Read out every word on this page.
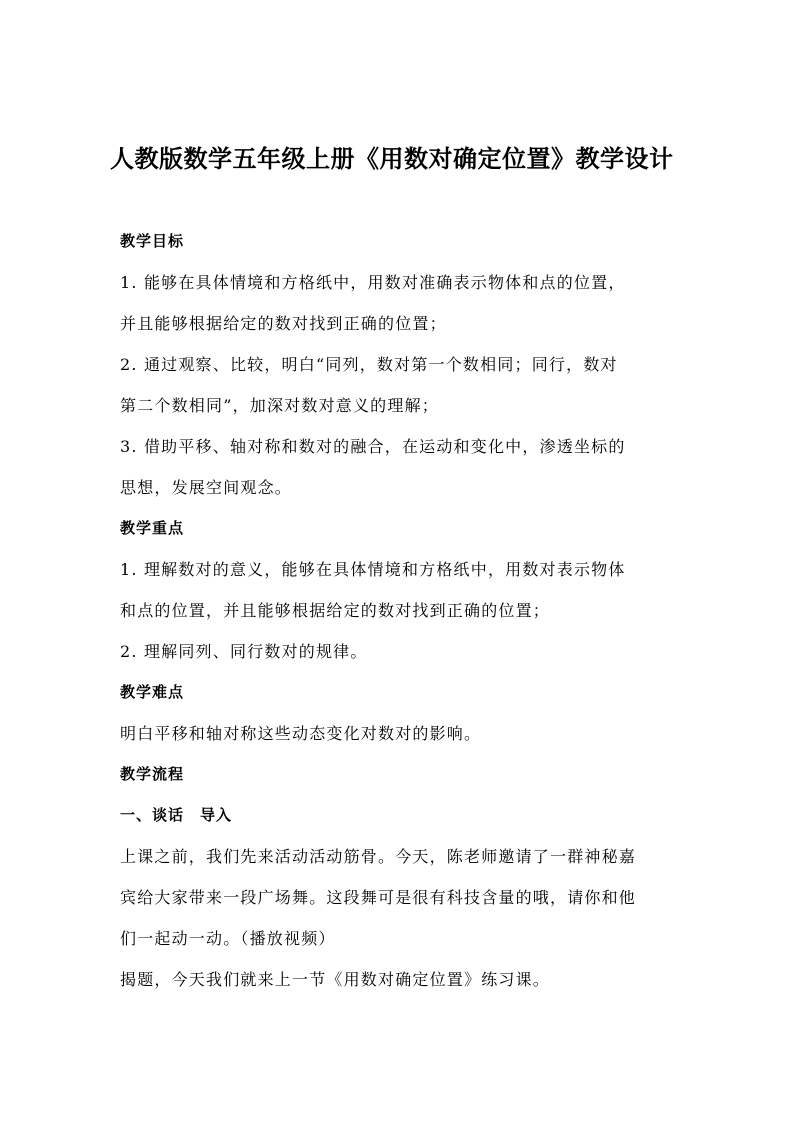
人教版数学五年级上册《用数对确定位置》教学设计
教学目标
1. 能够在具体情境和方格纸中，用数对准确表示物体和点的位置，
并且能够根据给定的数对找到正确的位置；
2. 通过观察、比较，明白“同列，数对第一个数相同；同行，数对
第二个数相同”，加深对数对意义的理解；
3. 借助平移、轴对称和数对的融合，在运动和变化中，渗透坐标的
思想，发展空间观念。
教学重点
1. 理解数对的意义，能够在具体情境和方格纸中，用数对表示物体
和点的位置，并且能够根据给定的数对找到正确的位置；
2. 理解同列、同行数对的规律。
教学难点
明白平移和轴对称这些动态变化对数对的影响。
教学流程
一、谈话　导入
上课之前，我们先来活动活动筋骨。今天，陈老师邀请了一群神秘嘉
宾给大家带来一段广场舞。这段舞可是很有科技含量的哦，请你和他
们一起动一动。（播放视频）
揭题，今天我们就来上一节《用数对确定位置》练习课。
